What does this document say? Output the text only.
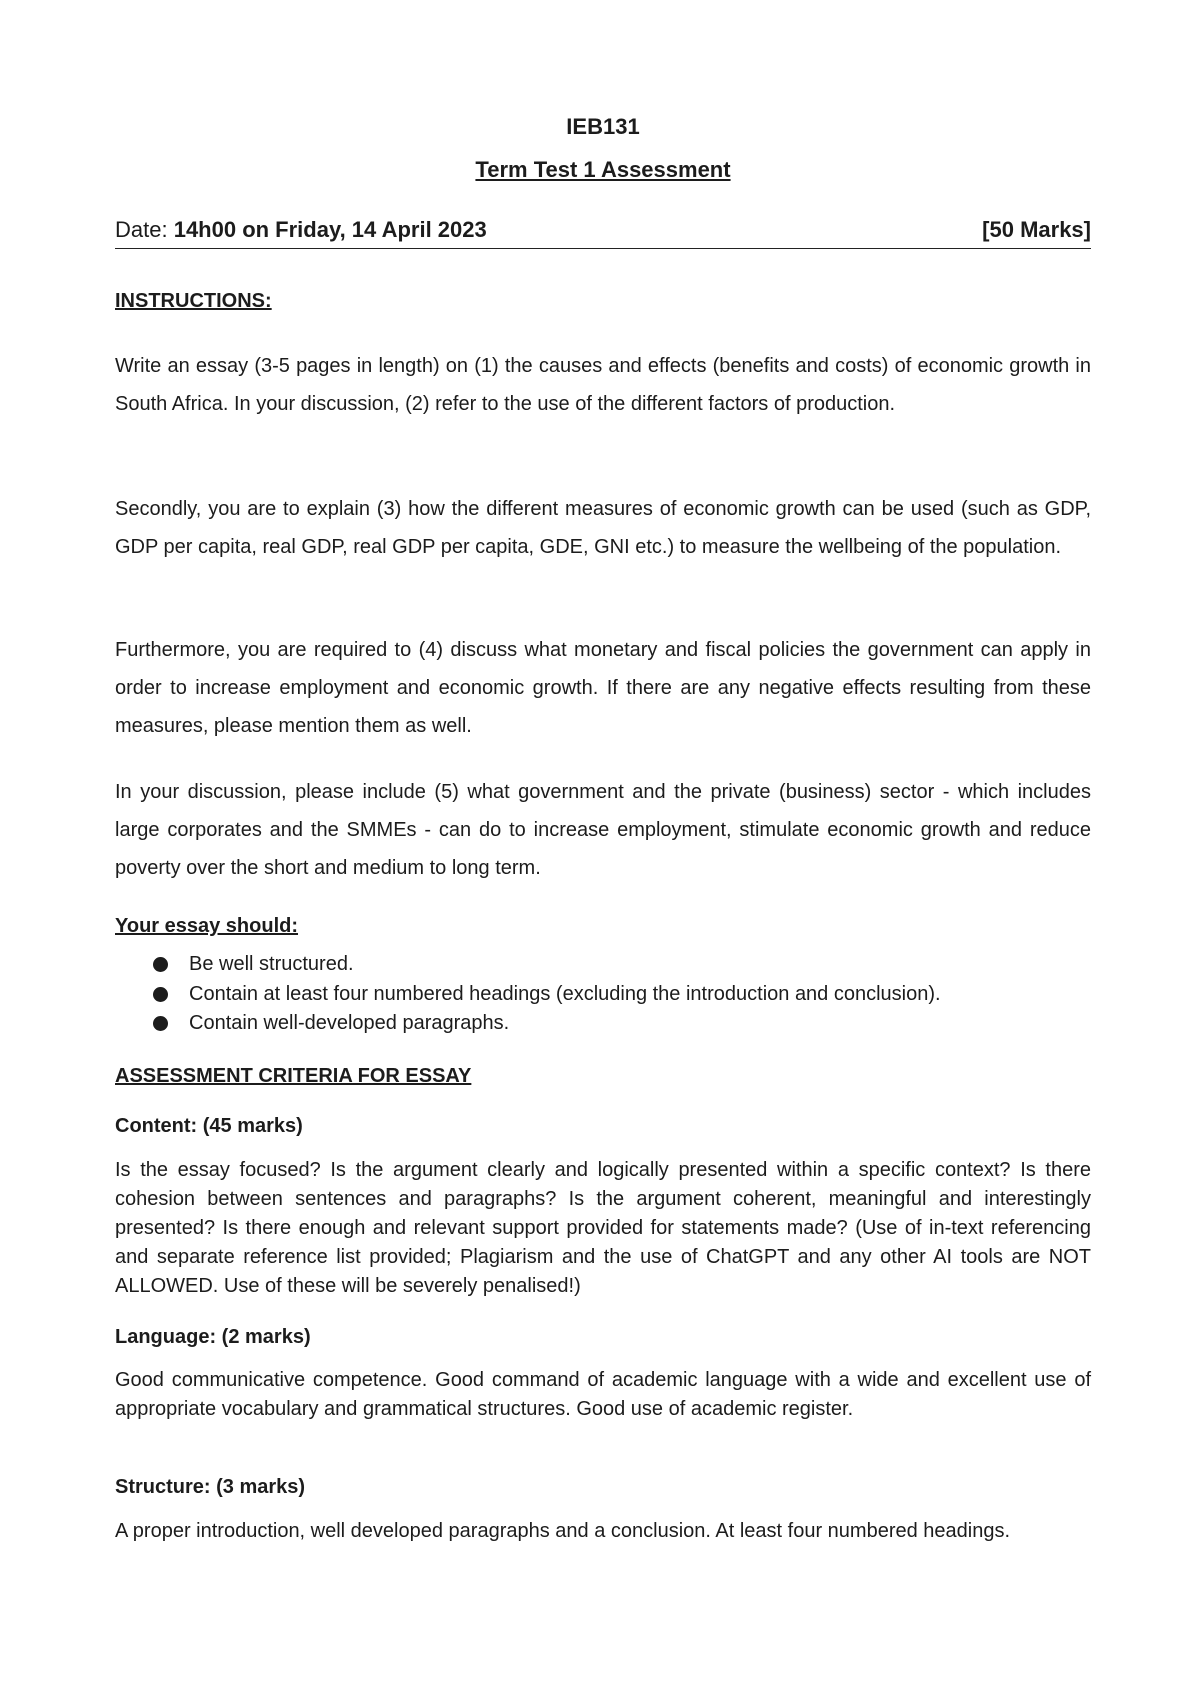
IEB131
Term Test 1 Assessment
Date: 14h00 on Friday, 14 April 2023	[50 Marks]
INSTRUCTIONS:

Write an essay (3-5 pages in length) on (1) the causes and effects (benefits and costs) of economic growth in South Africa. In your discussion, (2) refer to the use of the different factors of production.

Secondly, you are to explain (3) how the different measures of economic growth can be used (such as GDP, GDP per capita, real GDP, real GDP per capita, GDE, GNI etc.) to measure the wellbeing of the population.

Furthermore, you are required to (4) discuss what monetary and fiscal policies the government can apply in order to increase employment and economic growth. If there are any negative effects resulting from these measures, please mention them as well.

In your discussion, please include (5) what government and the private (business) sector - which includes large corporates and the SMMEs - can do to increase employment, stimulate economic growth and reduce poverty over the short and medium to long term.

Your essay should:
Be well structured.
Contain at least four numbered headings (excluding the introduction and conclusion).
Contain well-developed paragraphs.
ASSESSMENT CRITERIA FOR ESSAY
Content: (45 marks)

Is the essay focused? Is the argument clearly and logically presented within a specific context? Is there cohesion between sentences and paragraphs? Is the argument coherent, meaningful and interestingly presented? Is there enough and relevant support provided for statements made? (Use of in-text referencing and separate reference list provided; Plagiarism and the use of ChatGPT and any other AI tools are NOT ALLOWED. Use of these will be severely penalised!)

Language: (2 marks)

Good communicative competence. Good command of academic language with a wide and excellent use of appropriate vocabulary and grammatical structures. Good use of academic register.

Structure: (3 marks)

A proper introduction, well developed paragraphs and a conclusion. At least four numbered headings.
